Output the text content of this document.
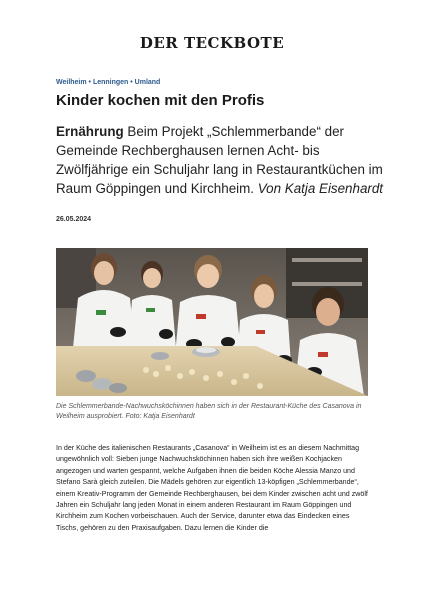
DER TECKBOTE
Weilheim • Lenningen • Umland
Kinder kochen mit den Profis

Ernährung Beim Projekt „Schlemmerbande“ der Gemeinde Rechberghausen lernen Acht- bis Zwölfjährige ein Schuljahr lang in Restaurantküchen im Raum Göppingen und Kirchheim. Von Katja Eisenhardt

26.05.2024
Die Schlemmerbande-Nachwuchsköchinnen haben sich in der Restaurant-Küche des Casanova in Weilheim ausprobiert. Foto: Katja Eisenhardt

In der Küche des italienischen Restaurants „Casanova“ in Weilheim ist es an diesem Nachmittag ungewöhnlich voll: Sieben junge Nachwuchsköchinnen haben sich ihre weißen Kochjacken angezogen und warten gespannt, welche Aufgaben ihnen die beiden Köche Alessia Manzo und Stefano Sarà gleich zuteilen. Die Mädels gehören zur eigentlich 13-köpfigen „Schlemmerbande“, einem Kreativ-Programm der Gemeinde Rechberghausen, bei dem Kinder zwischen acht und zwölf Jahren ein Schuljahr lang jeden Monat in einem anderen Restaurant im Raum Göppingen und Kirchheim zum Kochen vorbeischauen. Auch der Service, darunter etwa das Eindecken eines Tischs, gehören zu den Praxisaufgaben. Dazu lernen die Kinder die
